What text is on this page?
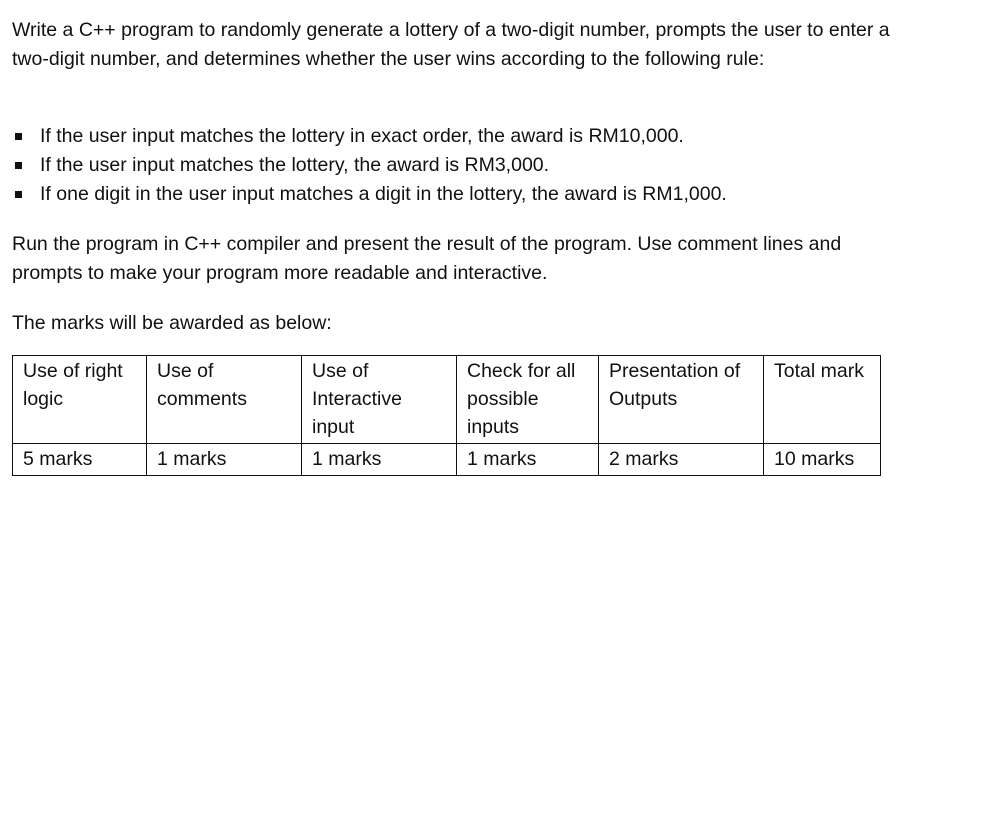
Write a C++ program to randomly generate a lottery of a two-digit number, prompts the user to enter a two-digit number, and determines whether the user wins according to the following rule:

If the user input matches the lottery in exact order, the award is RM10,000.
If the user input matches the lottery, the award is RM3,000.
If one digit in the user input matches a digit in the lottery, the award is RM1,000.

Run the program in C++ compiler and present the result of the program. Use comment lines and prompts to make your program more readable and interactive.

The marks will be awarded as below:

Use of right logic	Use of comments	Use of Interactive input	Check for all possible inputs	Presentation of Outputs	Total mark
5 marks	1 marks	1 marks	1 marks	2 marks	10 marks
